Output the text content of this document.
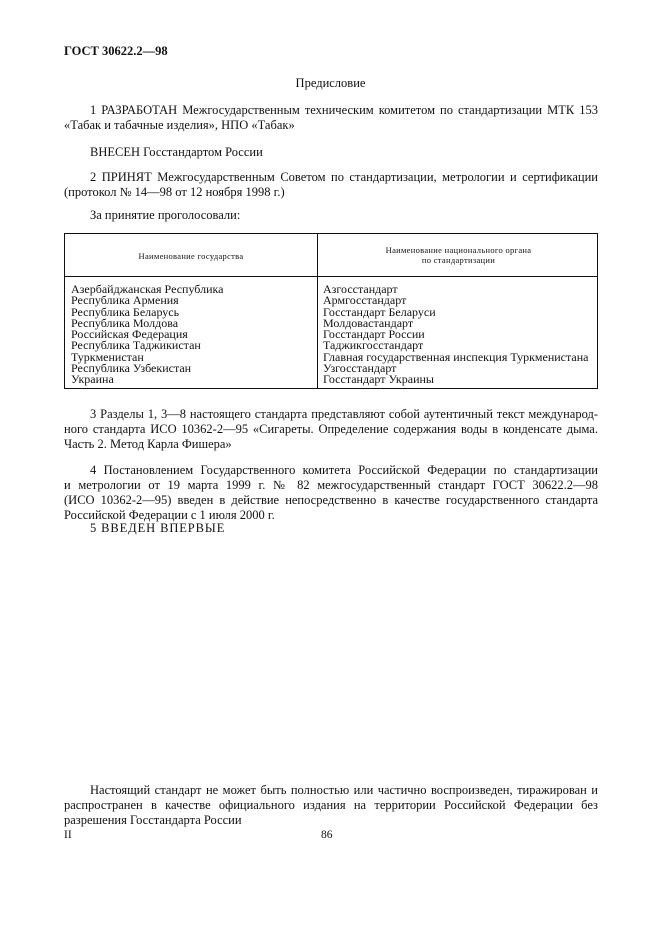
ГОСТ 30622.2—98
Предисловие
1 РАЗРАБОТАН Межгосударственным техническим комитетом по стандартизации МТК 153
«Табак и табачные изделия», НПО «Табак»
ВНЕСЕН Госстандартом России
2 ПРИНЯТ Межгосударственным Советом по стандартизации, метрологии и сертификации
(протокол № 14—98 от 12 ноября 1998 г.)
За принятие проголосовали:
Наименование государства
Наименование национального органа
по стандартизации
Азербайджанская Республика
Республика Армения
Республика Беларусь
Республика Молдова
Российская Федерация
Республика Таджикистан
Туркменистан
Республика Узбекистан
Украина
Азгосстандарт
Армгосстандарт
Госстандарт Беларуси
Молдовастандарт
Госстандарт России
Таджикгосстандарт
Главная государственная инспекция Туркменистана
Узгосстандарт
Госстандарт Украины
3 Разделы 1, 3—8 настоящего стандарта представляют собой аутентичный текст международ-
ного стандарта ИСО 10362-2—95 «Сигареты. Определение содержания воды в конденсате дыма.
Часть 2. Метод Карла Фишера»
4 Постановлением Государственного комитета Российской Федерации по стандартизации
и метрологии от 19 марта 1999 г. № 82 межгосударственный стандарт ГОСТ 30622.2—98
(ИСО 10362-2—95) введен в действие непосредственно в качестве государственного стандарта
Российской Федерации с 1 июля 2000 г.
5 ВВЕДЕН ВПЕРВЫЕ
Настоящий стандарт не может быть полностью или частично воспроизведен, тиражирован и
распространен в качестве официального издания на территории Российской Федерации без
разрешения Госстандарта России
II	86
